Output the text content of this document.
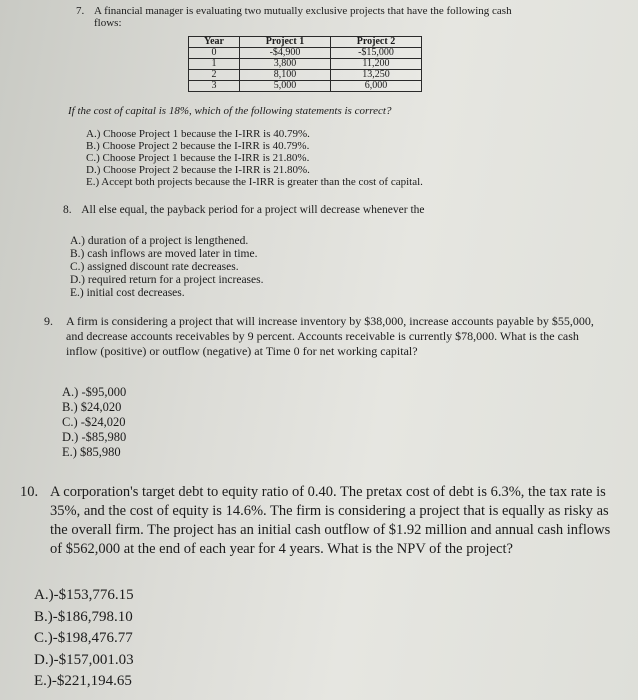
7. A financial manager is evaluating two mutually exclusive projects that have the following cash flows:
Year	Project 1	Project 2
0	-$4,900	-$15,000
1	3,800	11,200
2	8,100	13,250
3	5,000	6,000
If the cost of capital is 18%, which of the following statements is correct?
A.) Choose Project 1 because the I-IRR is 40.79%.
B.) Choose Project 2 because the I-IRR is 40.79%.
C.) Choose Project 1 because the I-IRR is 21.80%.
D.) Choose Project 2 because the I-IRR is 21.80%.
E.) Accept both projects because the I-IRR is greater than the cost of capital.
8. All else equal, the payback period for a project will decrease whenever the
A.) duration of a project is lengthened.
B.) cash inflows are moved later in time.
C.) assigned discount rate decreases.
D.) required return for a project increases.
E.) initial cost decreases.
9. A firm is considering a project that will increase inventory by $38,000, increase accounts payable by $55,000, and decrease accounts receivables by 9 percent. Accounts receivable is currently $78,000. What is the cash inflow (positive) or outflow (negative) at Time 0 for net working capital?
A.) -$95,000
B.) $24,020
C.) -$24,020
D.) -$85,980
E.) $85,980
10. A corporation's target debt to equity ratio of 0.40. The pretax cost of debt is 6.3%, the tax rate is 35%, and the cost of equity is 14.6%. The firm is considering a project that is equally as risky as the overall firm. The project has an initial cash outflow of $1.92 million and annual cash inflows of $562,000 at the end of each year for 4 years. What is the NPV of the project?
A.)-$153,776.15
B.)-$186,798.10
C.)-$198,476.77
D.)-$157,001.03
E.)-$221,194.65
